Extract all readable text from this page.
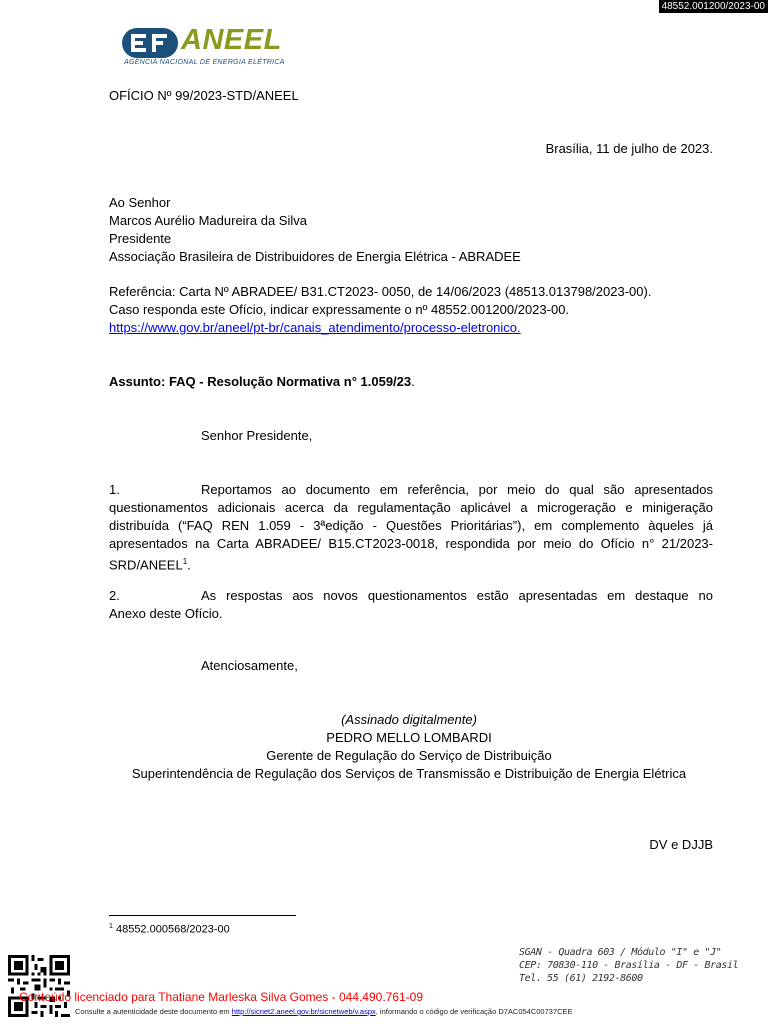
48552.001200/2023-00
ANEEL
AGÊNCIA NACIONAL DE ENERGIA ELÉTRICA
OFÍCIO Nº 99/2023-STD/ANEEL
Brasília, 11 de julho de 2023.
Ao Senhor
Marcos Aurélio Madureira da Silva
Presidente
Associação Brasileira de Distribuidores de Energia Elétrica - ABRADEE
Referência: Carta Nº ABRADEE/ B31.CT2023- 0050, de 14/06/2023 (48513.013798/2023-00).
Caso responda este Ofício, indicar expressamente o nº 48552.001200/2023-00.
https://www.gov.br/aneel/pt-br/canais_atendimento/processo-eletronico.
Assunto: FAQ - Resolução Normativa n° 1.059/23.
Senhor Presidente,
1.	Reportamos ao documento em referência, por meio do qual são apresentados
questionamentos adicionais acerca da regulamentação aplicável a microgeração e minigeração
distribuída (“FAQ REN 1.059 - 3ªedição - Questões Prioritárias”), em complemento àqueles já
apresentados na Carta ABRADEE/ B15.CT2023-0018, respondida por meio do Ofício n° 21/2023-
SRD/ANEEL$^1$.
2.	As respostas aos novos questionamentos estão apresentadas em destaque no
Anexo deste Ofício.
Atenciosamente,
(Assinado digitalmente)
PEDRO MELLO LOMBARDI
Gerente de Regulação do Serviço de Distribuição
Superintendência de Regulação dos Serviços de Transmissão e Distribuição de Energia Elétrica
DV e DJJB
$^1$ 48552.000568/2023-00
SGAN - Quadra 603 / Módulo "I" e "J"
CEP: 70830-110 - Brasília - DF - Brasil
Tel. 55 (61) 2192-8600
Conteúdo licenciado para Thatiane Marleska Silva Gomes - 044.490.761-09
Consulte a autenticidade deste documento em http://sicnet2.aneel.gov.br/sicnetweb/v.aspx, informando o código de verificação D7AC054C00737CEE
